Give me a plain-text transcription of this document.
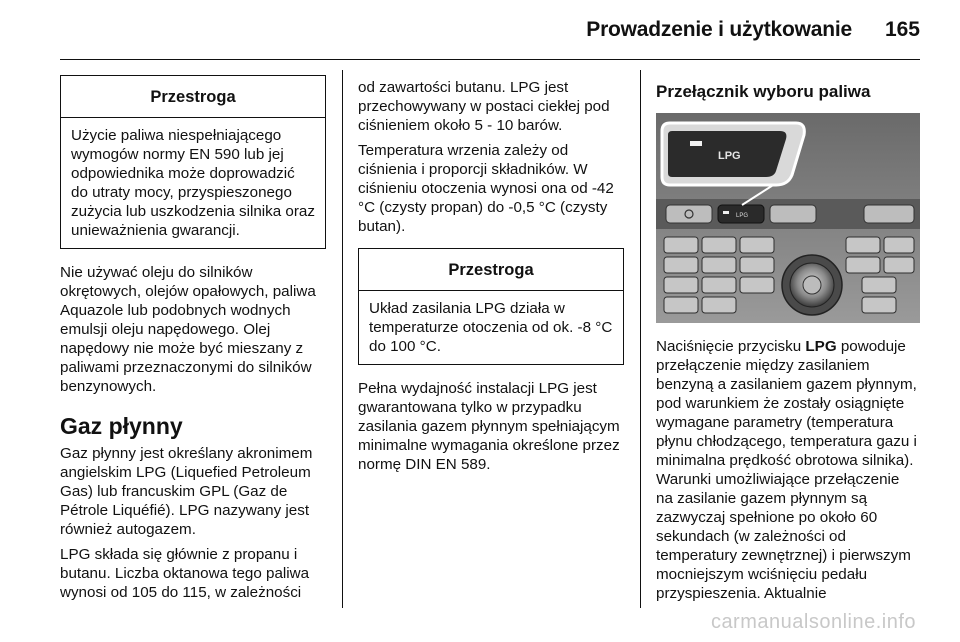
Prowadzenie i użytkowanie 165
Przestroga
Użycie paliwa niespełniającego wymogów normy EN 590 lub jej odpowiednika może doprowadzić do utraty mocy, przyspieszonego zużycia lub uszkodzenia silnika oraz unieważnienia gwarancji.

Nie używać oleju do silników okrętowych, olejów opałowych, paliwa Aquazole lub podobnych wodnych emulsji oleju napędowego. Olej napędowy nie może być mieszany z paliwami przeznaczonymi do silników benzynowych.

Gaz płynny

Gaz płynny jest określany akronimem angielskim LPG (Liquefied Petroleum Gas) lub francuskim GPL (Gaz de Pétrole Liquéfié). LPG nazywany jest również autogazem.

LPG składa się głównie z propanu i butanu. Liczba oktanowa tego paliwa wynosi od 105 do 115, w zależności

od zawartości butanu. LPG jest przechowywany w postaci ciekłej pod ciśnieniem około 5 - 10 barów.

Temperatura wrzenia zależy od ciśnienia i proporcji składników. W ciśnieniu otoczenia wynosi ona od -42 °C (czysty propan) do -0,5 °C (czysty butan).

Przestroga
Układ zasilania LPG działa w temperaturze otoczenia od ok. -8 °C do 100 °C.

Pełna wydajność instalacji LPG jest gwarantowana tylko w przypadku zasilania gazem płynnym spełniającym minimalne wymagania określone przez normę DIN EN 589.

Przełącznik wyboru paliwa
LPG
LPG

Naciśnięcie przycisku LPG powoduje przełączenie między zasilaniem benzyną a zasilaniem gazem płynnym, pod warunkiem że zostały osiągnięte wymagane parametry (temperatura płynu chłodzącego, temperatura gazu i minimalna prędkość obrotowa silnika). Warunki umożliwiające przełączenie na zasilanie gazem płynnym są zazwyczaj spełnione po około 60 sekundach (w zależności od temperatury zewnętrznej) i pierwszym mocniejszym wciśnięciu pedału przyspieszenia. Aktualnie

carmanualsonline.info
